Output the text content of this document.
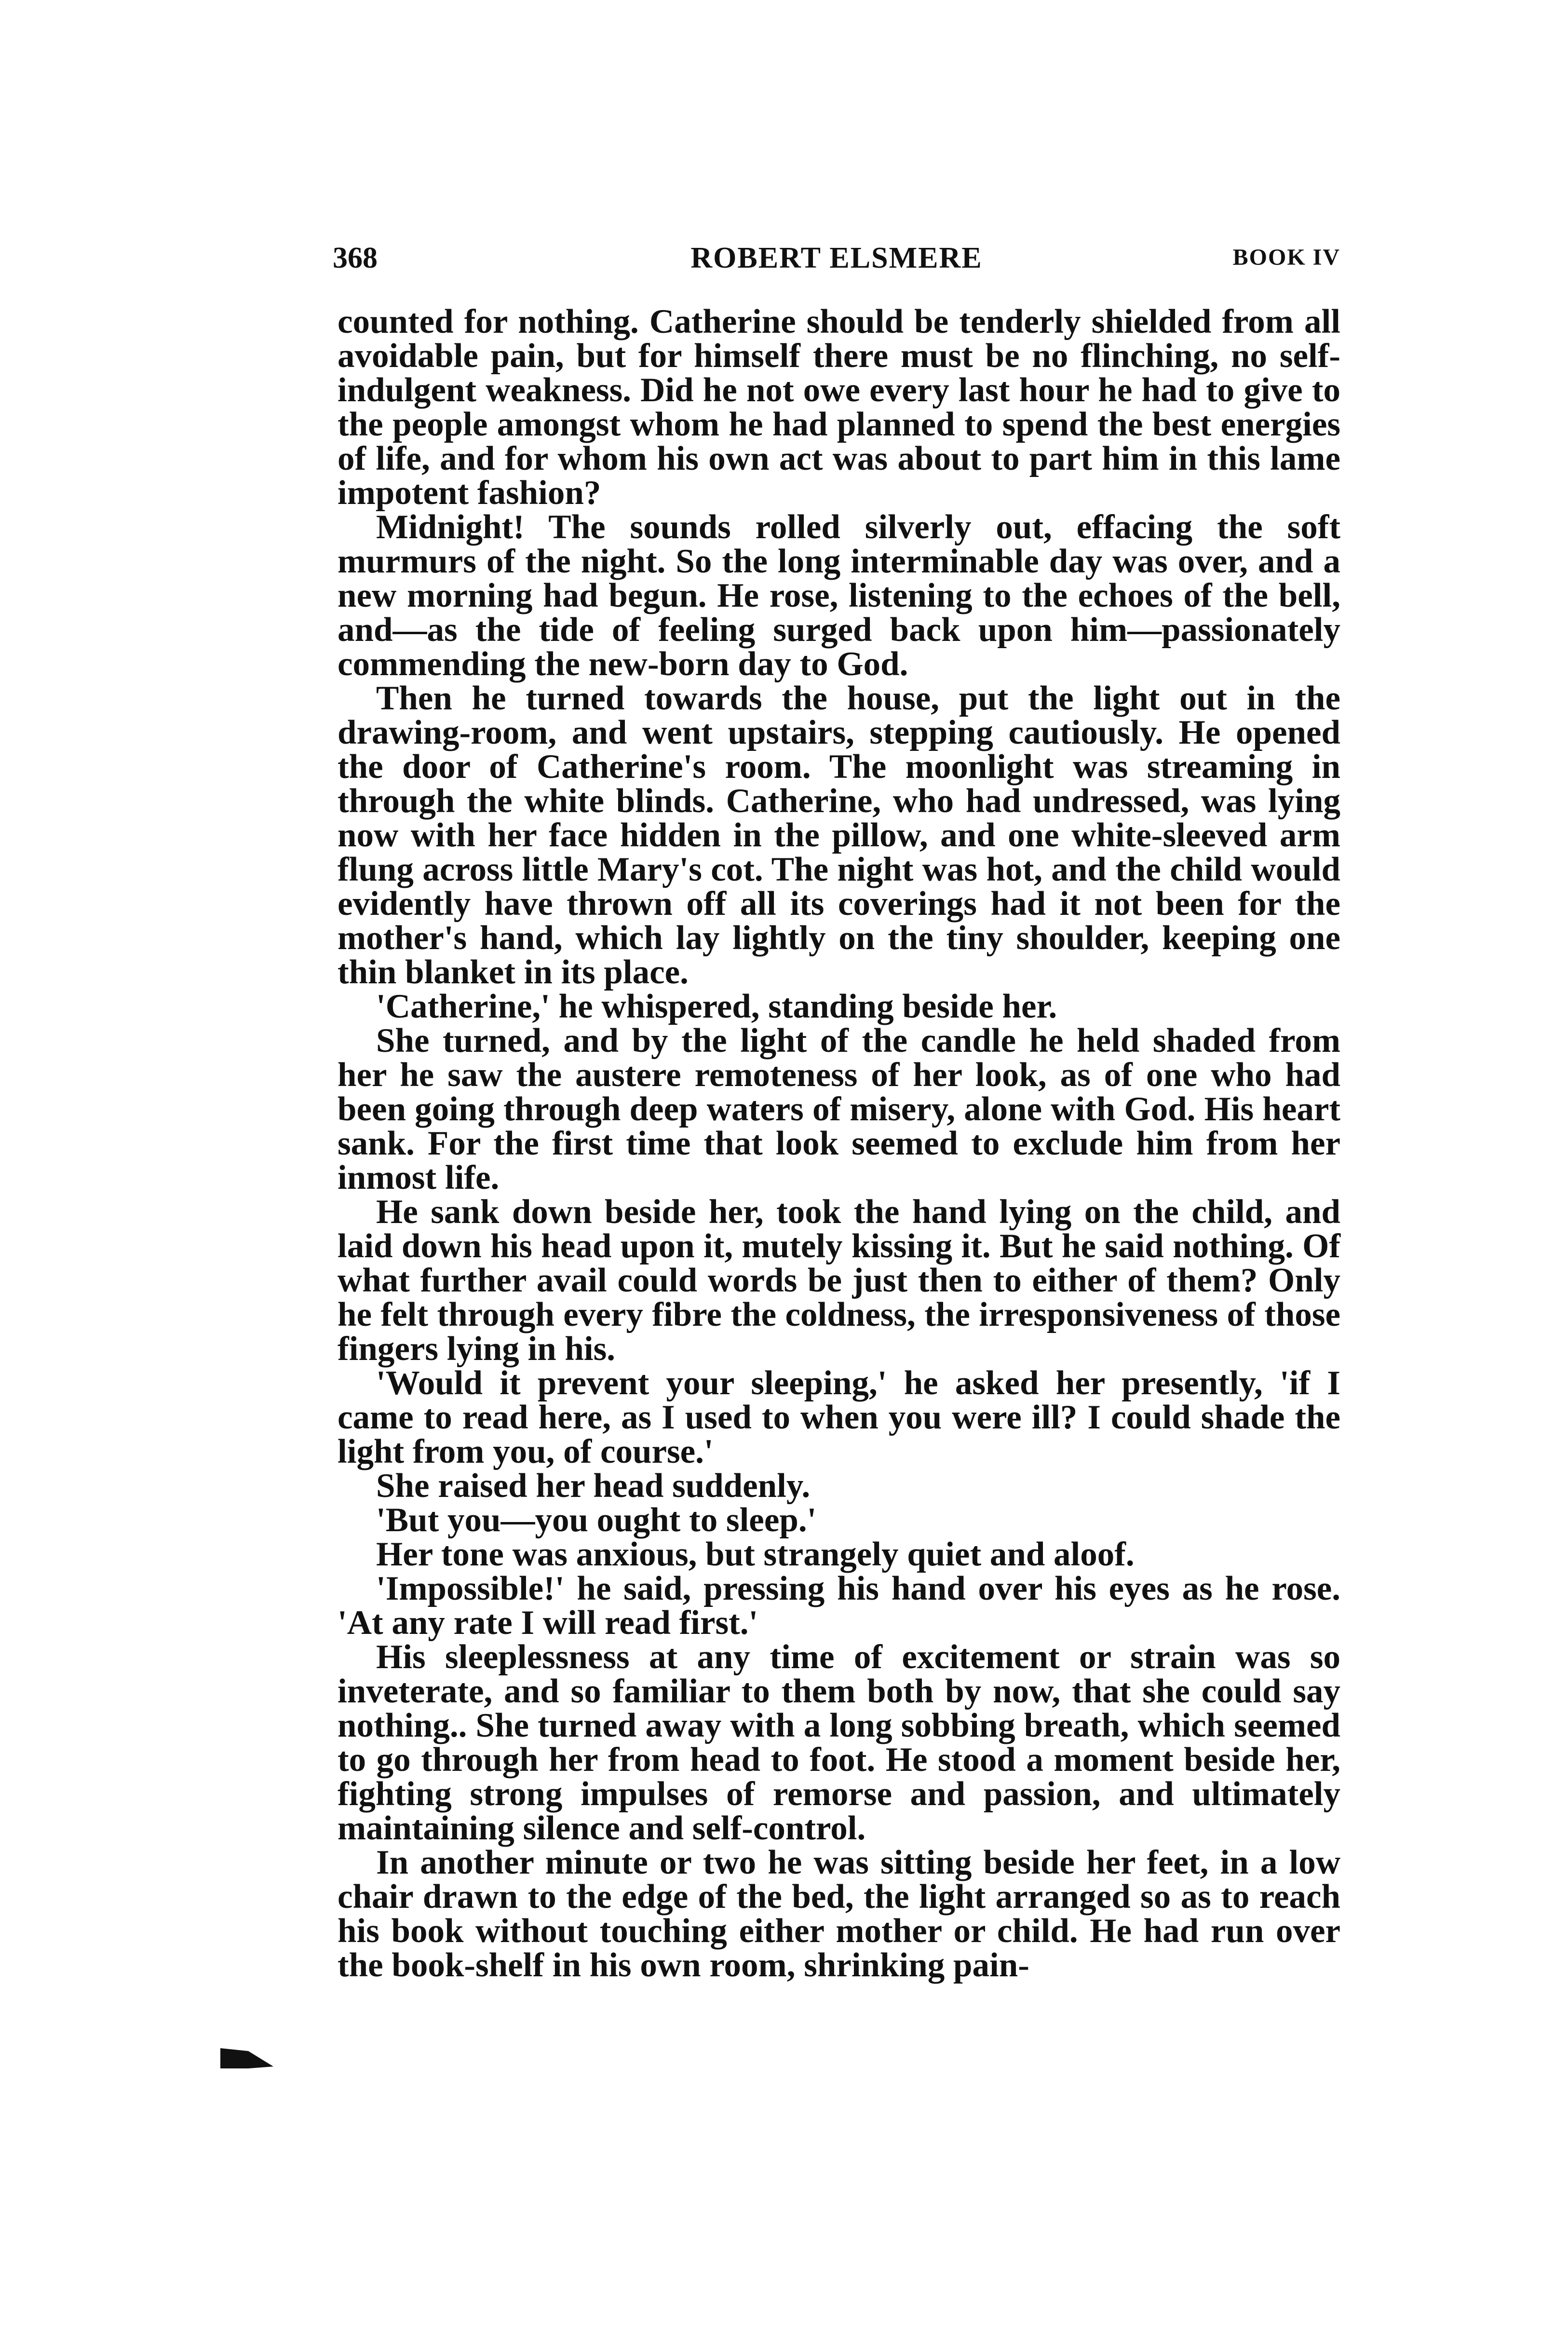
368	ROBERT ELSMERE	BOOK IV

counted for nothing. Catherine should be tenderly shielded from all avoidable pain, but for himself there must be no flinching, no self-indulgent weakness. Did he not owe every last hour he had to give to the people amongst whom he had planned to spend the best energies of life, and for whom his own act was about to part him in this lame impotent fashion?

Midnight! The sounds rolled silverly out, effacing the soft murmurs of the night. So the long interminable day was over, and a new morning had begun. He rose, listening to the echoes of the bell, and—as the tide of feeling surged back upon him—passionately commending the new-born day to God.

Then he turned towards the house, put the light out in the drawing-room, and went upstairs, stepping cautiously. He opened the door of Catherine's room. The moonlight was streaming in through the white blinds. Catherine, who had undressed, was lying now with her face hidden in the pillow, and one white-sleeved arm flung across little Mary's cot. The night was hot, and the child would evidently have thrown off all its coverings had it not been for the mother's hand, which lay lightly on the tiny shoulder, keeping one thin blanket in its place.

'Catherine,' he whispered, standing beside her.

She turned, and by the light of the candle he held shaded from her he saw the austere remoteness of her look, as of one who had been going through deep waters of misery, alone with God. His heart sank. For the first time that look seemed to exclude him from her inmost life.

He sank down beside her, took the hand lying on the child, and laid down his head upon it, mutely kissing it. But he said nothing. Of what further avail could words be just then to either of them? Only he felt through every fibre the coldness, the irresponsiveness of those fingers lying in his.

'Would it prevent your sleeping,' he asked her presently, 'if I came to read here, as I used to when you were ill? I could shade the light from you, of course.'

She raised her head suddenly.

'But you—you ought to sleep.'

Her tone was anxious, but strangely quiet and aloof.

'Impossible!' he said, pressing his hand over his eyes as he rose. 'At any rate I will read first.'

His sleeplessness at any time of excitement or strain was so inveterate, and so familiar to them both by now, that she could say nothing.. She turned away with a long sobbing breath, which seemed to go through her from head to foot. He stood a moment beside her, fighting strong impulses of remorse and passion, and ultimately maintaining silence and self-control.

In another minute or two he was sitting beside her feet, in a low chair drawn to the edge of the bed, the light arranged so as to reach his book without touching either mother or child. He had run over the book-shelf in his own room, shrinking pain-
